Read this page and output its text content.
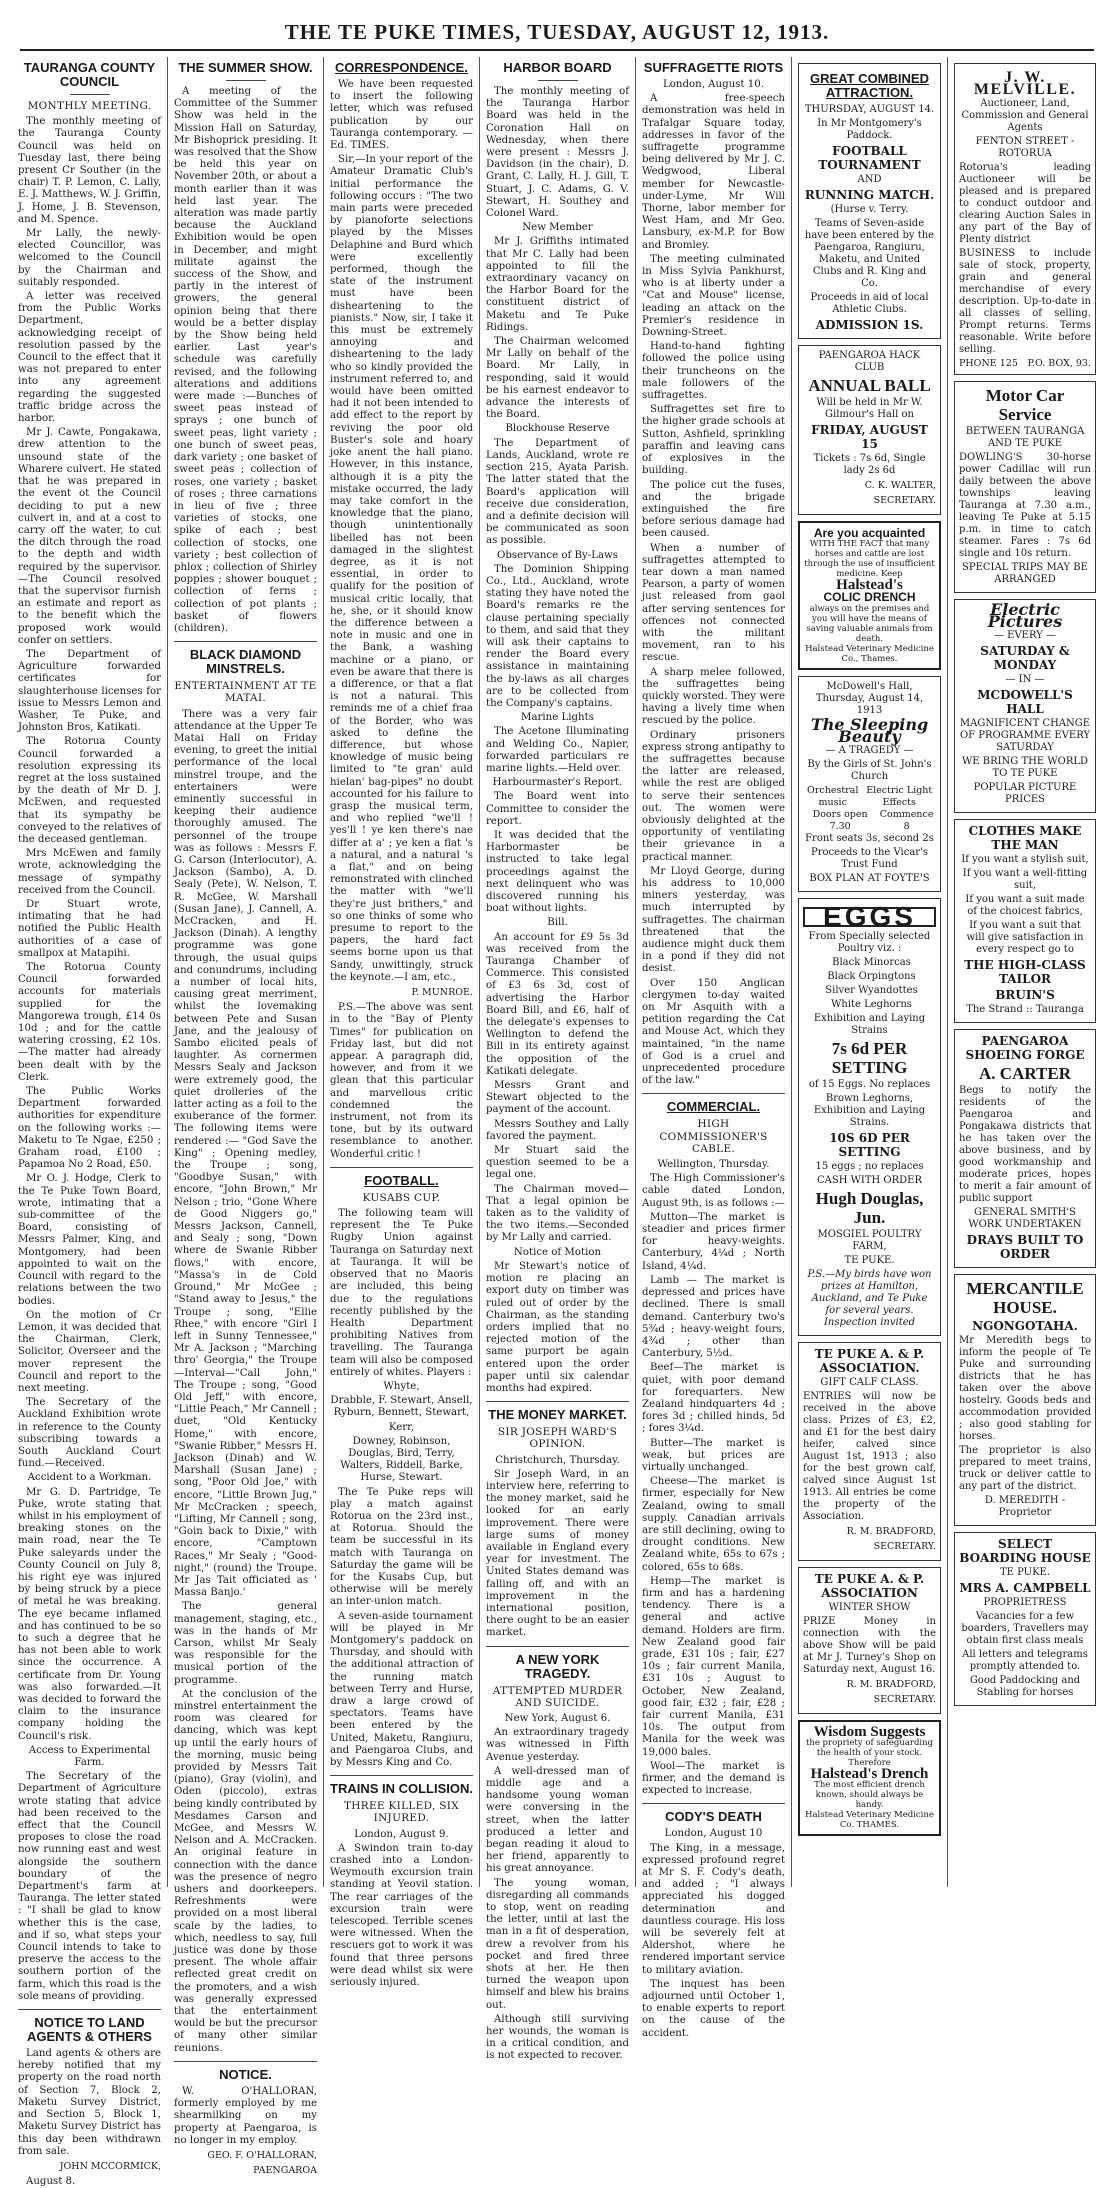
THE TE PUKE TIMES, TUESDAY, AUGUST 12, 1913.
TAURANGA COUNTY COUNCIL
MONTHLY MEETING.

The monthly meeting of the Tauranga County Council was held on Tuesday last, there being present Cr Souther (in the chair) T. P. Lemon, C. Lally, E. J. Matthews, W. J. Griffin, J. Home, J. B. Stevenson, and M. Spence.

Mr Lally, the newly-elected Councillor, was welcomed to the Council by the Chairman and suitably responded.

A letter was received from the Public Works Department, acknowledging receipt of resolution passed by the Council to the effect that it was not prepared to enter into any agreement regarding the suggested traffic bridge across the harbor.

Mr J. Cawte, Pongakawa, drew attention to the unsound state of the Wharere culvert. He stated that he was prepared in the event ot the Council deciding to put a new culvert in, and at a cost to carry off the water, to cut the ditch through the road to the depth and width required by the supervisor.—The Council resolved that the supervisor furnish an estimate and report as to the benefit which the proposed work would confer on settlers.

The Department of Agriculture forwarded certificates for slaughterhouse licenses for issue to Messrs Lemon and Washer, Te Puke, and Johnston Bros, Katikati.

The Rotorua County Council forwarded a resolution expressing its regret at the loss sustained by the death of Mr D. J. McEwen, and requested that its sympathy be conveyed to the relatives of the deceased gentleman.

Mrs McEwen and family wrote, acknowledging the message of sympathy received from the Council.

Dr Stuart wrote, intimating that he had notified the Public Health authorities of a case of smallpox at Matapihi.

The Rotorua County Council forwarded accounts for materials supplied for the Mangorewa trough, £14 0s 10d ; and for the cattle watering crossing, £2 10s. —The matter had already been dealt with by the Clerk.

The Public Works Department forwarded authorities for expenditure on the following works :— Maketu to Te Ngae, £250 ; Graham road, £100 ; Papamoa No 2 Road, £50.

Mr O. J. Hodge, Clerk to the Te Puke Town Board, wrote, intimating that a sub-committee of the Board, consisting of Messrs Palmer, King, and Montgomery, had been appointed to wait on the Council with regard to the relations between the two bodies.

On the motion of Cr Lemon, it was decided that the Chairman, Clerk, Solicitor, Overseer and the mover represent the Council and report to the next meeting.

The Secretary of the Auckland Exhibition wrote in reference to the County subscribing towards a South Auckland Court fund.—Received.

Accident to a Workman.

Mr G. D. Partridge, Te Puke, wrote stating that whilst in his employment of breaking stones on the main road, near the Te Puke saleyards under the County Council on July 8, his right eye was injured by being struck by a piece of metal he was breaking. The eye became inflamed and has continued to be so to such a degree that he has not been able to work since the occurrence. A certificate from Dr. Young was also forwarded.—It was decided to forward the claim to the insurance company holding the Council's risk.

Access to Experimental Farm.

The Secretary of the Department of Agriculture wrote stating that advice had been received to the effect that the Council proposes to close the road now running east and west alongside the southern boundary of the Department's farm at Tauranga. The letter stated : "I shall be glad to know whether this is the case, and if so, what steps your Council intends to take to preserve the access to the southern portion of the farm, which this road is the sole means of providing.

NOTICE TO LAND AGENTS & OTHERS

Land agents & others are hereby notified that my property on the road north of Section 7, Block 2, Maketu Survey District, and Section 5, Block 1, Maketu Survey District has this day been withdrawn from sale.

JOHN MCCORMICK,

August 8.

THE SUMMER SHOW.

A meeting of the Committee of the Summer Show was held in the Mission Hall on Saturday, Mr Bishoprick presiding. It was resolved that the Show be held this year on November 20th, or about a month earlier than it was held last year. The alteration was made partly because the Auckland Exhibition would be open in December, and might militate against the success of the Show, and partly in the interest of growers, the general opinion being that there would be a better display by the Show being held earlier. Last year's schedule was carefully revised, and the following alterations and additions were made :—Bunches of sweet peas instead of sprays ; one bunch of sweet peas, light variety ; one bunch of sweet peas, dark variety ; one basket of sweet peas ; collection of roses, one variety ; basket of roses ; three carnations in lieu of five ; three varieties of stocks, one spike of each ; best collection of stocks, one variety ; best collection of phlox ; collection of Shirley poppies ; shower bouquet ; collection of ferns ; collection of pot plants ; basket of flowers (children).

BLACK DIAMOND MINSTRELS.
ENTERTAINMENT AT TE MATAI.

There was a very fair attendance at the Upper Te Matai Hall on Friday evening, to greet the initial performance of the local minstrel troupe, and the entertainers were eminently successful in keeping their audience thoroughly amused. The personnel of the troupe was as follows : Messrs F. G. Carson (Interlocutor), A. Jackson (Sambo), A. D. Sealy (Pete), W. Nelson, T. R. McGee, W. Marshall (Susan Jane), J. Cannell, A. McCracken, and H. Jackson (Dinah). A lengthy programme was gone through, the usual quips and conundrums, including a number of local hits, causing great merriment, whilst the lovemaking between Pete and Susan Jane, and the jealousy of Sambo elicited peals of laughter. As cornermen Messrs Sealy and Jackson were extremely good, the quiet drolleries of the latter acting as a foil to the exuberance of the former. The following items were rendered :— "God Save the King" ; Opening medley, the Troupe ; song, "Goodbye Susan," with encore, "John Brown," Mr Nelson ; trio, "Gone Where de Good Niggers go," Messrs Jackson, Cannell, and Sealy ; song, "Down where de Swanie Ribber flows," with encore, "Massa's in de Cold Ground," Mr McGee ; "Stand away to Jesus," the Troupe ; song, "Ellie Rhee," with encore "Girl I left in Sunny Tennessee," Mr A. Jackson ; "Marching thro' Georgia," the Troupe—Interval—"Call John," The Troupe ; song, "Good Old Jeff," with encore, "Little Peach," Mr Cannell ; duet, "Old Kentucky Home," with encore, "Swanie Ribber," Messrs H. Jackson (Dinah) and W. Marshall (Susan Jane) ; song, "Poor Old Joe," with encore, "Little Brown Jug," Mr McCracken ; speech, "Lifting, Mr Cannell ; song, "Goin back to Dixie," with encore, "Camptown Races," Mr Sealy ; "Good-night," (round) the Troupe. Mr Jas Tait officiated as ' Massa Banjo.'

The general management, staging, etc., was in the hands of Mr Carson, whilst Mr Sealy was responsible for the musical portion of the programme.

At the conclusion of the minstrel entertainment the room was cleared for dancing, which was kept up until the early hours of the morning, music being provided by Messrs Tait (piano), Gray (violin), and Oden (piccolo), extras being kindly contributed by Mesdames Carson and McGee, and Messrs W. Nelson and A. McCracken. An original feature in connection with the dance was the presence of negro ushers and doorkeepers. Refreshments were provided on a most liberal scale by the ladies, to which, needless to say, full justice was done by those present. The whole affair reflected great credit on the promoters, and a wish was generally expressed that the entertainment would be but the precursor of many other similar reunions.

NOTICE.

W. O'HALLORAN, formerly employed by me shearmilking on my property at Paengaroa, is no longer in my employ.

GEO. F. O'HALLORAN,
PAENGAROA
CORRESPONDENCE.

We have been requested to insert the following letter, which was refused publication by our Tauranga contemporary. — Ed. TIMES.

Sir,—In your report of the Amateur Dramatic Club's initial performance the following occurs : "The two main parts were preceded by pianoforte selections played by the Misses Delaphine and Burd which were excellently performed, though the state of the instrument must have been disheartening to the pianists." Now, sir, I take it this must be extremely annoying and disheartening to the lady who so kindly provided the instrument referred to, and would have been omitted had it not been intended to add effect to the report by reviving the poor old Buster's sole and hoary joke anent the hall piano. However, in this instance, although it is a pity the mistake occurred, the lady may take comfort in the knowledge that the piano, though unintentionally libelled has not been damaged in the slightest degree, as it is not essential, in order to qualify for the position of musical critic locally, that he, she, or it should know the difference between a note in music and one in the Bank, a washing machine or a piano, or even be aware that there is a difference, or that a flat is not a natural. This reminds me of a chief fraa of the Border, who was asked to define the difference, but whose knowledge of music being limited to "te gran' auld hielan' bag-pipes" no doubt accounted for his failure to grasp the musical term, and who replied "we'll ! yes'll ! ye ken there's nae differ at a' ; ye ken a flat 's a natural, and a natural 's a flat," and on being remonstrated with clinched the matter with "we'll they're just brithers," and so one thinks of some who presume to report to the papers, the hard fact seems borne upon us that Sandy, unwittingly, struck the keynote.—I am, etc.,

P. MUNROE.

P.S.—The above was sent in to the "Bay of Plenty Times" for publication on Friday last, but did not appear. A paragraph did, however, and from it we glean that this particular and marvellous critic condemned the instrument, not from its tone, but by its outward resemblance to another. Wonderful critic !

FOOTBALL.
KUSABS CUP.

The following team will represent the Te Puke Rugby Union against Tauranga on Saturday next at Tauranga. It will be observed that no Maoris are included, this being due to the regulations recently published by the Health Department prohibiting Natives from travelling. The Tauranga team will also be composed entirely of whites. Players :

Whyte,

Drabble, F. Stewart, Ansell, Ryburn, Bennett, Stewart,

Kerr,

Downey, Robinson, Douglas, Bird, Terry, Walters, Riddell, Barke, Hurse, Stewart.

The Te Puke reps will play a match against Rotorua on the 23rd inst., at Rotorua. Should the team be successful in its match with Tauranga on Saturday the game will be for the Kusabs Cup, but otherwise will be merely an inter-union match.

A seven-aside tournament will be played in Mr Montgomery's paddock on Thursday, and should with the additional attraction of the running match between Terry and Hurse, draw a large crowd of spectators. Teams have been entered by the United, Maketu, Rangiuru, and Paengaroa Clubs, and by Messrs King and Co.

TRAINS IN COLLISION.
THREE KILLED, SIX INJURED.

London, August 9.

A Swindon train to-day crashed into a London-Weymouth excursion train standing at Yeovil station. The rear carriages of the excursion train were telescoped. Terrible scenes were witnessed. When the rescuers got to work it was found that three persons were dead whilst six were seriously injured.

HARBOR BOARD

The monthly meeting of the Tauranga Harbor Board was held in the Coronation Hall on Wednesday, when there were present : Messrs J. Davidson (in the chair), D. Grant, C. Lally, H. J. Gill, T. Stuart, J. C. Adams, G. V. Stewart, H. Southey and Colonel Ward.

New Member

Mr J. Griffiths intimated that Mr C. Lally had been appointed to fill the extraordinary vacancy on the Harbor Board for the constituent district of Maketu and Te Puke Ridings.

The Chairman welcomed Mr Lally on behalf of the Board. Mr Lally, in responding, said it would be his earnest endeavor to advance the interests of the Board.

Blockhouse Reserve

The Department of Lands, Auckland, wrote re section 215, Ayata Parish. The latter stated that the Board's application will receive due consideration, and a definite decision will be communicated as soon as possible.

Observance of By-Laws

The Dominion Shipping Co., Ltd., Auckland, wrote stating they have noted the Board's remarks re the clause pertaining specially to them, and said that they will ask their captains to render the Board every assistance in maintaining the by-laws as all charges are to be collected from the Company's captains.

Marine Lights

The Acetone Illuminating and Welding Co., Napier, forwarded particulars re marine lights.—Held over.

Harbourmaster's Report.

The Board went into Committee to consider the report.

It was decided that the Harbormaster be instructed to take legal proceedings against the next delinquent who was discovered running his boat without lights.

Bill.

An account for £9 5s 3d was received from the Tauranga Chamber of Commerce. This consisted of £3 6s 3d, cost of advertising the Harbor Board Bill, and £6, half of the delegate's expenses to Wellington to defend the Bill in its entirety against the opposition of the Katikati delegate.

Messrs Grant and Stewart objected to the payment of the account.

Messrs Southey and Lally favored the payment.

Mr Stuart said the question seemed to be a legal one.

The Chairman moved—That a legal opinion be taken as to the validity of the two items.—Seconded by Mr Lally and carried.

Notice of Motion

Mr Stewart's notice of motion re placing an export duty on timber was ruled out of order by the Chairman, as the standing orders implied that no rejected motion of the same purport be again entered upon the order paper until six calendar months had expired.

THE MONEY MARKET.
SIR JOSEPH WARD'S OPINION.

Christchurch, Thursday.

Sir Joseph Ward, in an interview here, referring to the money market, said he looked for an early improvement. There were large sums of money available in England every year for investment. The United States demand was falling off, and with an improvement in the international position, there ought to be an easier market.

A NEW YORK TRAGEDY.
ATTEMPTED MURDER AND SUICIDE.

New York, August 6.

An extraordinary tragedy was witnessed in Fifth Avenue yesterday.

A well-dressed man of middle age and a handsome young woman were conversing in the street, when the latter produced a letter and began reading it aloud to her friend, apparently to his great annoyance.

The young woman, disregarding all commands to stop, went on reading the letter, until at last the man in a fit of desperation, drew a revolver from his pocket and fired three shots at her. He then turned the weapon upon himself and blew his brains out.

Although still surviving her wounds, the woman is in a critical condition, and is not expected to recover.

SUFFRAGETTE RIOTS

London, August 10.

A free-speech demonstration was held in Trafalgar Square today, addresses in favor of the suffragette programme being delivered by Mr J. C. Wedgwood, Liberal member for Newcastle-under-Lyme, Mr Will Thorne, labor member for West Ham, and Mr Geo. Lansbury, ex-M.P. for Bow and Bromley.

The meeting culminated in Miss Sylvia Pankhurst, who is at liberty under a "Cat and Mouse" license, leading an attack on the Premier's residence in Downing-Street.

Hand-to-hand fighting followed the police using their truncheons on the male followers of the suffragettes.

Suffragettes set fire to the higher grade schools at Sutton, Ashfield, sprinkling paraffin and leaving cans of explosives in the building.

The police cut the fuses, and the brigade extinguished the fire before serious damage had been caused.

When a number of suffragettes attempted to tear down a man named Pearson, a party of women just released from gaol after serving sentences for offences not connected with the militant movement, ran to his rescue.

A sharp melee followed, the suffragettes being quickly worsted. They were having a lively time when rescued by the police.

Ordinary prisoners express strong antipathy to the suffragettes because the latter are released, while the rest are obliged to serve their sentences out. The women were obviously delighted at the opportunity of ventilating their grievance in a practical manner.

Mr Lloyd George, during his address to 10,000 miners yesterday, was much interrupted by suffragettes. The chairman threatened that the audience might duck them in a pond if they did not desist.

Over 150 Anglican clergymen to-day waited on Mr Asquith with a petition regarding the Cat and Mouse Act, which they maintained, "in the name of God is a cruel and unprecedented procedure of the law."

COMMERCIAL.
HIGH COMMISSIONER'S CABLE.

Wellington, Thursday.

The High Commissioner's cable dated London, August 9th, is as follows :—

Mutton—The market is steadier and prices firmer for heavy-weights. Canterbury, 4¼d ; North Island, 4¼d.

Lamb — The market is depressed and prices have declined. There is small demand. Canterbury two's 5¾d ; heavy-weight fours, 4¾d ; other than Canterbury, 5½d.

Beef—The market is quiet, with poor demand for forequarters. New Zealand hindquarters 4d ; fores 3d ; chilled hinds, 5d ; fores 3¼d.

Butter—The market is weak, but prices are virtually unchanged.

Cheese—The market is firmer, especially for New Zealand, owing to small supply. Canadian arrivals are still declining, owing to drought conditions. New Zealand white, 65s to 67s ; colored, 65s to 68s.

Hemp—The market is firm and has a hardening tendency. There is a general and active demand. Holders are firm. New Zealand good fair grade, £31 10s ; fair, £27 10s ; fair current Manila, £31 10s ; August to October, New Zealand, good fair, £32 ; fair, £28 ; fair current Manila, £31 10s. The output from Manila for the week was 19,000 bales.

Wool—The market is firmer, and the demand is expected to increase.

CODY'S DEATH

London, August 10

The King, in a message, expressed profound regret at Mr S. F. Cody's death, and added ; "I always appreciated his dogged determination and dauntless courage. His loss will be severely felt at Aldershot, where he rendered important service to military aviation.

The inquest has been adjourned until October 1, to enable experts to report on the cause of the accident.

GREAT COMBINED ATTRACTION.

THURSDAY, AUGUST 14.

In Mr Montgomery's Paddock.

FOOTBALL TOURNAMENT

AND

RUNNING MATCH.

(Hurse v. Terry.

Teams of Seven-aside have been entered by the Paengaroa, Rangiuru, Maketu, and United Clubs and R. King and Co.

Proceeds in aid of local Athletic Clubs.

ADMISSION 1S.

PAENGAROA HACK CLUB

ANNUAL BALL

Will be held in Mr W. Gilmour's Hall on

FRIDAY, AUGUST 15

Tickets : 7s 6d, Single lady 2s 6d

C. K. WALTER,
SECRETARY.
Are you acquainted
WITH THE FACT that many horses and cattle are lost through the use of insufficient medicine. Keep
Halstead's
COLIC DRENCH
always on the premises and you will have the means of saving valuable animals from death.
Halstead Veterinary Medicine Co., Thames.

McDowell's Hall, Thursday, August 14, 1913

The Sleeping Beauty

— A TRAGEDY —

By the Girls of St. John's Church

Orchestral music
Electric Light Effects
Doors open 7.30
Commence 8

Front seats 3s, second 2s

Proceeds to the Vicar's Trust Fund

BOX PLAN AT FOYTE'S

EGGS

From Specially selected Poultry viz. :

Black Minorcas

Black Orpingtons

Silver Wyandottes

White Leghorns

Exhibition and Laying Strains

7s 6d PER SETTING

of 15 Eggs. No replaces

Brown Leghorns, Exhibition and Laying Strains.

10S 6D PER SETTING

15 eggs ; no replaces

CASH WITH ORDER

Hugh Douglas, Jun.

MOSGIEL POULTRY FARM,

TE PUKE.

P.S.—My birds have won prizes at Hamilton, Auckland, and Te Puke for several years. Inspection invited

TE PUKE A. & P. ASSOCIATION.

GIFT CALF CLASS.

ENTRIES will now be received in the above class. Prizes of £3, £2, and £1 for the best dairy heifer, calved since August 1st, 1913 ; also for the best grown calf, calved since August 1st 1913. All entries be come the property of the Association.

R. M. BRADFORD,
SECRETARY.

TE PUKE A. & P. ASSOCIATION

WINTER SHOW

PRIZE Money in connection with the above Show will be paid at Mr J. Turney's Shop on Saturday next, August 16.

R. M. BRADFORD,
SECRETARY.
Wisdom Suggests
the propriety of safeguarding the health of your stock. Therefore
Halstead's Drench
The most efficient drench known, should always be handy.
Halstead Veterinary Medicine Co. THAMES.

J. W. MELVILLE.

Auctioneer, Land, Commission and General Agents

FENTON STREET - ROTORUA

Rotorua's leading Auctioneer will be pleased and is prepared to conduct outdoor and clearing Auction Sales in any part of the Bay of Plenty district

BUSINESS to include sale of stock, property, grain and general merchandise of every description. Up-to-date in all classes of selling. Prompt returns. Terms reasonable. Write before selling.

PHONE 125 P.O. BOX, 93.

Motor Car Service

BETWEEN TAURANGA AND TE PUKE

DOWLING'S 30-horse power Cadillac will run daily between the above townships leaving Tauranga at 7.30 a.m., leaving Te Puke at 5.15 p.m. in time to catch steamer. Fares : 7s 6d single and 10s return.

SPECIAL TRIPS MAY BE ARRANGED

Electric Pictures

— EVERY —

SATURDAY & MONDAY

— IN —

MCDOWELL'S HALL

MAGNIFICENT CHANGE OF PROGRAMME EVERY SATURDAY

WE BRING THE WORLD TO TE PUKE

POPULAR PICTURE PRICES

CLOTHES MAKE THE MAN

If you want a stylish suit,

If you want a well-fitting suit,

If you want a suit made of the choicest fabrics,

If you want a suit that will give satisfaction in every respect go to

THE HIGH-CLASS TAILOR

BRUIN'S

The Strand :: Tauranga

PAENGAROA SHOEING FORGE

A. CARTER

Begs to notify the residents of the Paengaroa and Pongakawa districts that he has taken over the above business, and by good workmanship and moderate prices, hopes to merit a fair amount of public support

GENERAL SMITH'S WORK UNDERTAKEN

DRAYS BUILT TO ORDER

MERCANTILE HOUSE.

NGONGOTAHA.

Mr Meredith begs to inform the people of Te Puke and surrounding districts that he has taken over the above hostelry. Goods beds and accommodation provided ; also good stabling for horses.

The proprietor is also prepared to meet trains, truck or deliver cattle to any part of the district.

D. MEREDITH - Proprietor

SELECT BOARDING HOUSE

TE PUKE.

MRS A. CAMPBELL

PROPRIETRESS

Vacancies for a few boarders, Travellers may obtain first class meals

All letters and telegrams promptly attended to.

Good Paddocking and Stabling for horses
